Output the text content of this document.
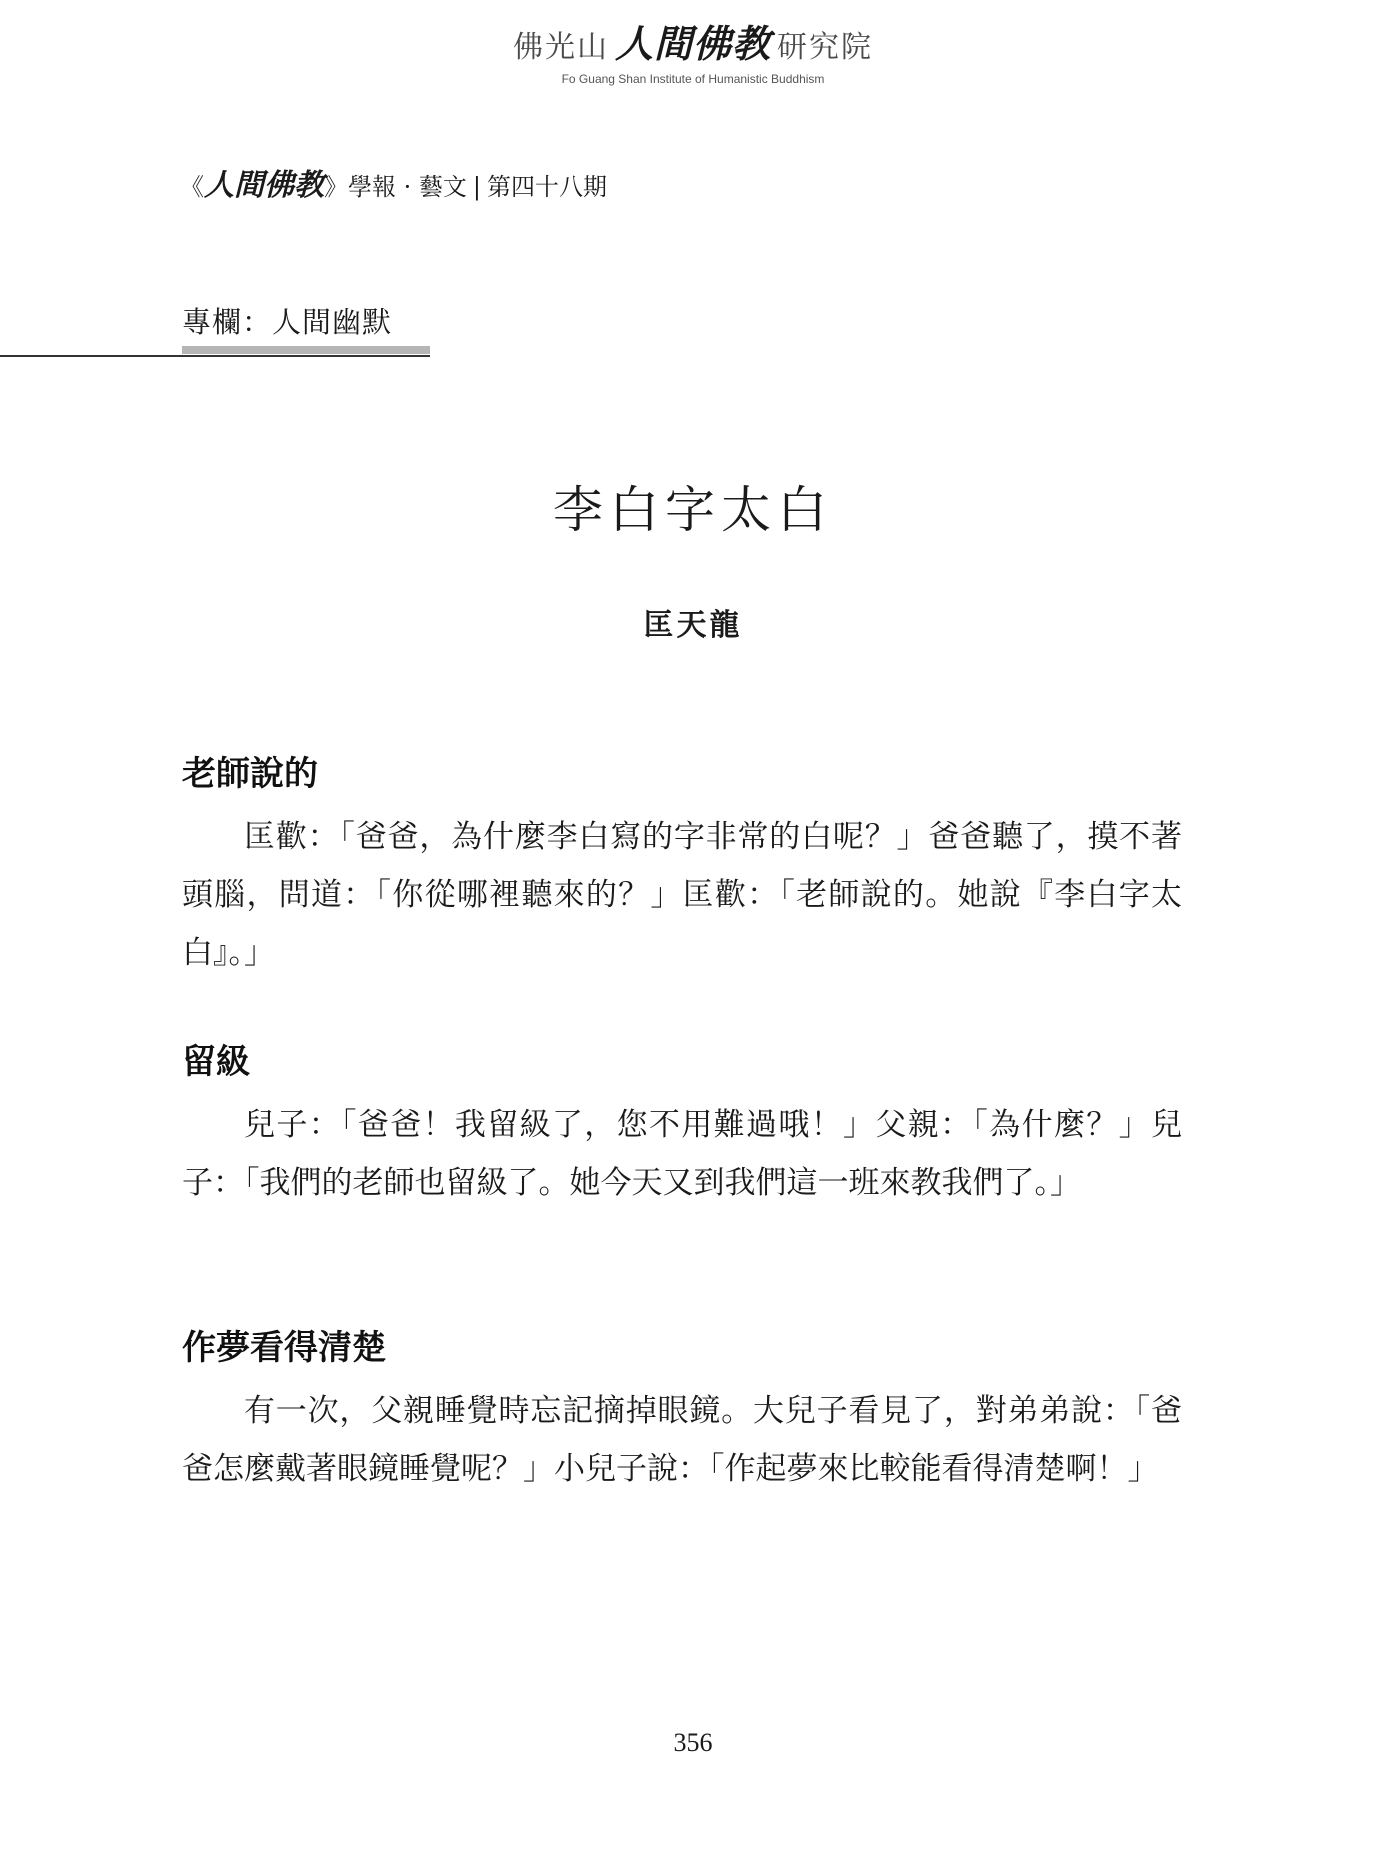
佛光山 人間佛教 研究院
Fo Guang Shan Institute of Humanistic Buddhism
《人間佛教》學報 · 藝文 | 第四十八期
專欄：人間幽默
李白字太白
匡天龍
老師說的

匡歡：「爸爸，為什麼李白寫的字非常的白呢？」爸爸聽了，摸不著頭腦，問道：「你從哪裡聽來的？」匡歡：「老師說的。她說『李白字太白』。」

留級

兒子：「爸爸！我留級了，您不用難過哦！」父親：「為什麼？」兒子：「我們的老師也留級了。她今天又到我們這一班來教我們了。」

作夢看得清楚

有一次，父親睡覺時忘記摘掉眼鏡。大兒子看見了，對弟弟說：「爸爸怎麼戴著眼鏡睡覺呢？」小兒子說：「作起夢來比較能看得清楚啊！」

356
